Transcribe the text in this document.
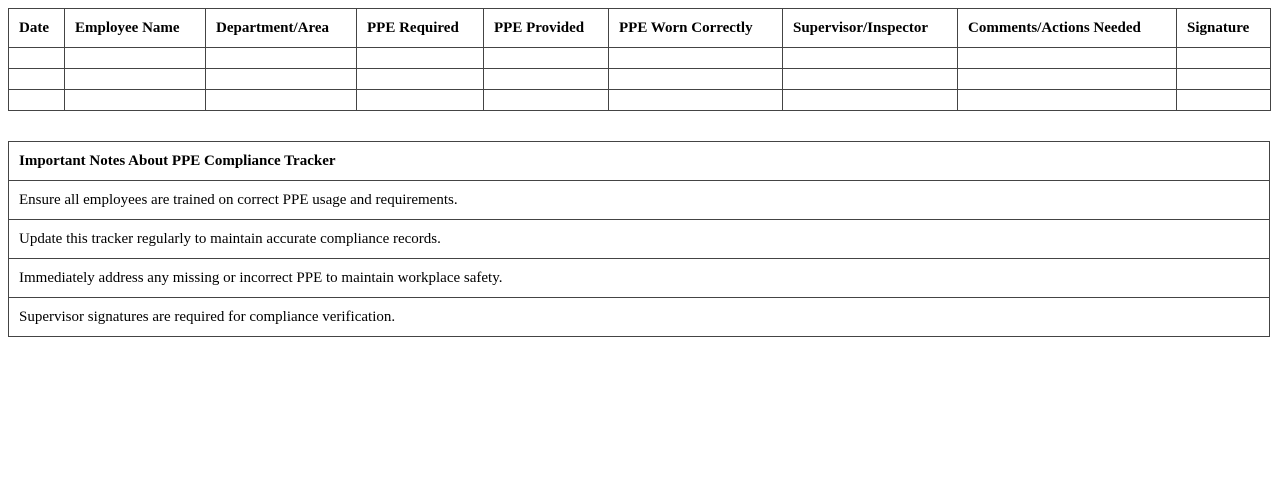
Date	Employee Name	Department/Area	PPE Required	PPE Provided	PPE Worn Correctly	Supervisor/Inspector	Comments/Actions Needed	Signature

Important Notes About PPE Compliance Tracker
Ensure all employees are trained on correct PPE usage and requirements.
Update this tracker regularly to maintain accurate compliance records.
Immediately address any missing or incorrect PPE to maintain workplace safety.
Supervisor signatures are required for compliance verification.
